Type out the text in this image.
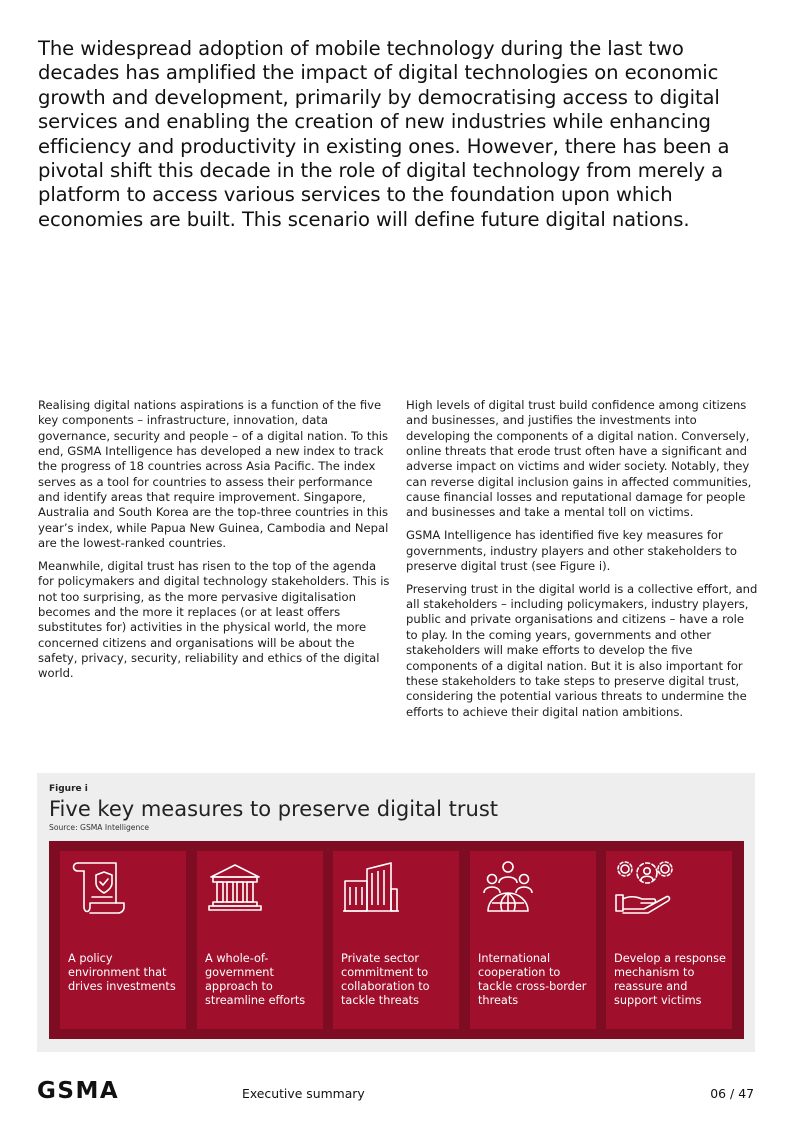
The widespread adoption of mobile technology during the last two decades has amplified the impact of digital technologies on economic growth and development, primarily by democratising access to digital services and enabling the creation of new industries while enhancing efficiency and productivity in existing ones. However, there has been a pivotal shift this decade in the role of digital technology from merely a platform to access various services to the foundation upon which economies are built. This scenario will define future digital nations.

Realising digital nations aspirations is a function of the five key components – infrastructure, innovation, data governance, security and people – of a digital nation. To this end, GSMA Intelligence has developed a new index to track the progress of 18 countries across Asia Pacific. The index serves as a tool for countries to assess their performance and identify areas that require improvement. Singapore, Australia and South Korea are the top-three countries in this year’s index, while Papua New Guinea, Cambodia and Nepal are the lowest-ranked countries.

Meanwhile, digital trust has risen to the top of the agenda for policymakers and digital technology stakeholders. This is not too surprising, as the more pervasive digitalisation becomes and the more it replaces (or at least offers substitutes for) activities in the physical world, the more concerned citizens and organisations will be about the safety, privacy, security, reliability and ethics of the digital world.

High levels of digital trust build confidence among citizens and businesses, and justifies the investments into developing the components of a digital nation. Conversely, online threats that erode trust often have a significant and adverse impact on victims and wider society. Notably, they can reverse digital inclusion gains in affected communities, cause financial losses and reputational damage for people and businesses and take a mental toll on victims.

GSMA Intelligence has identified five key measures for governments, industry players and other stakeholders to preserve digital trust (see Figure i).

Preserving trust in the digital world is a collective effort, and all stakeholders – including policymakers, industry players, public and private organisations and citizens – have a role to play. In the coming years, governments and other stakeholders will make efforts to develop the five components of a digital nation. But it is also important for these stakeholders to take steps to preserve digital trust, considering the potential various threats to undermine the efforts to achieve their digital nation ambitions.

Figure i
Five key measures to preserve digital trust
Source: GSMA Intelligence
A policy environment that drives investments
A whole-of-government approach to streamline efforts
Private sector commitment to collaboration to tackle threats
International cooperation to tackle cross-border threats
Develop a response mechanism to reassure and support victims
GSMA	Executive summary	06 / 47
